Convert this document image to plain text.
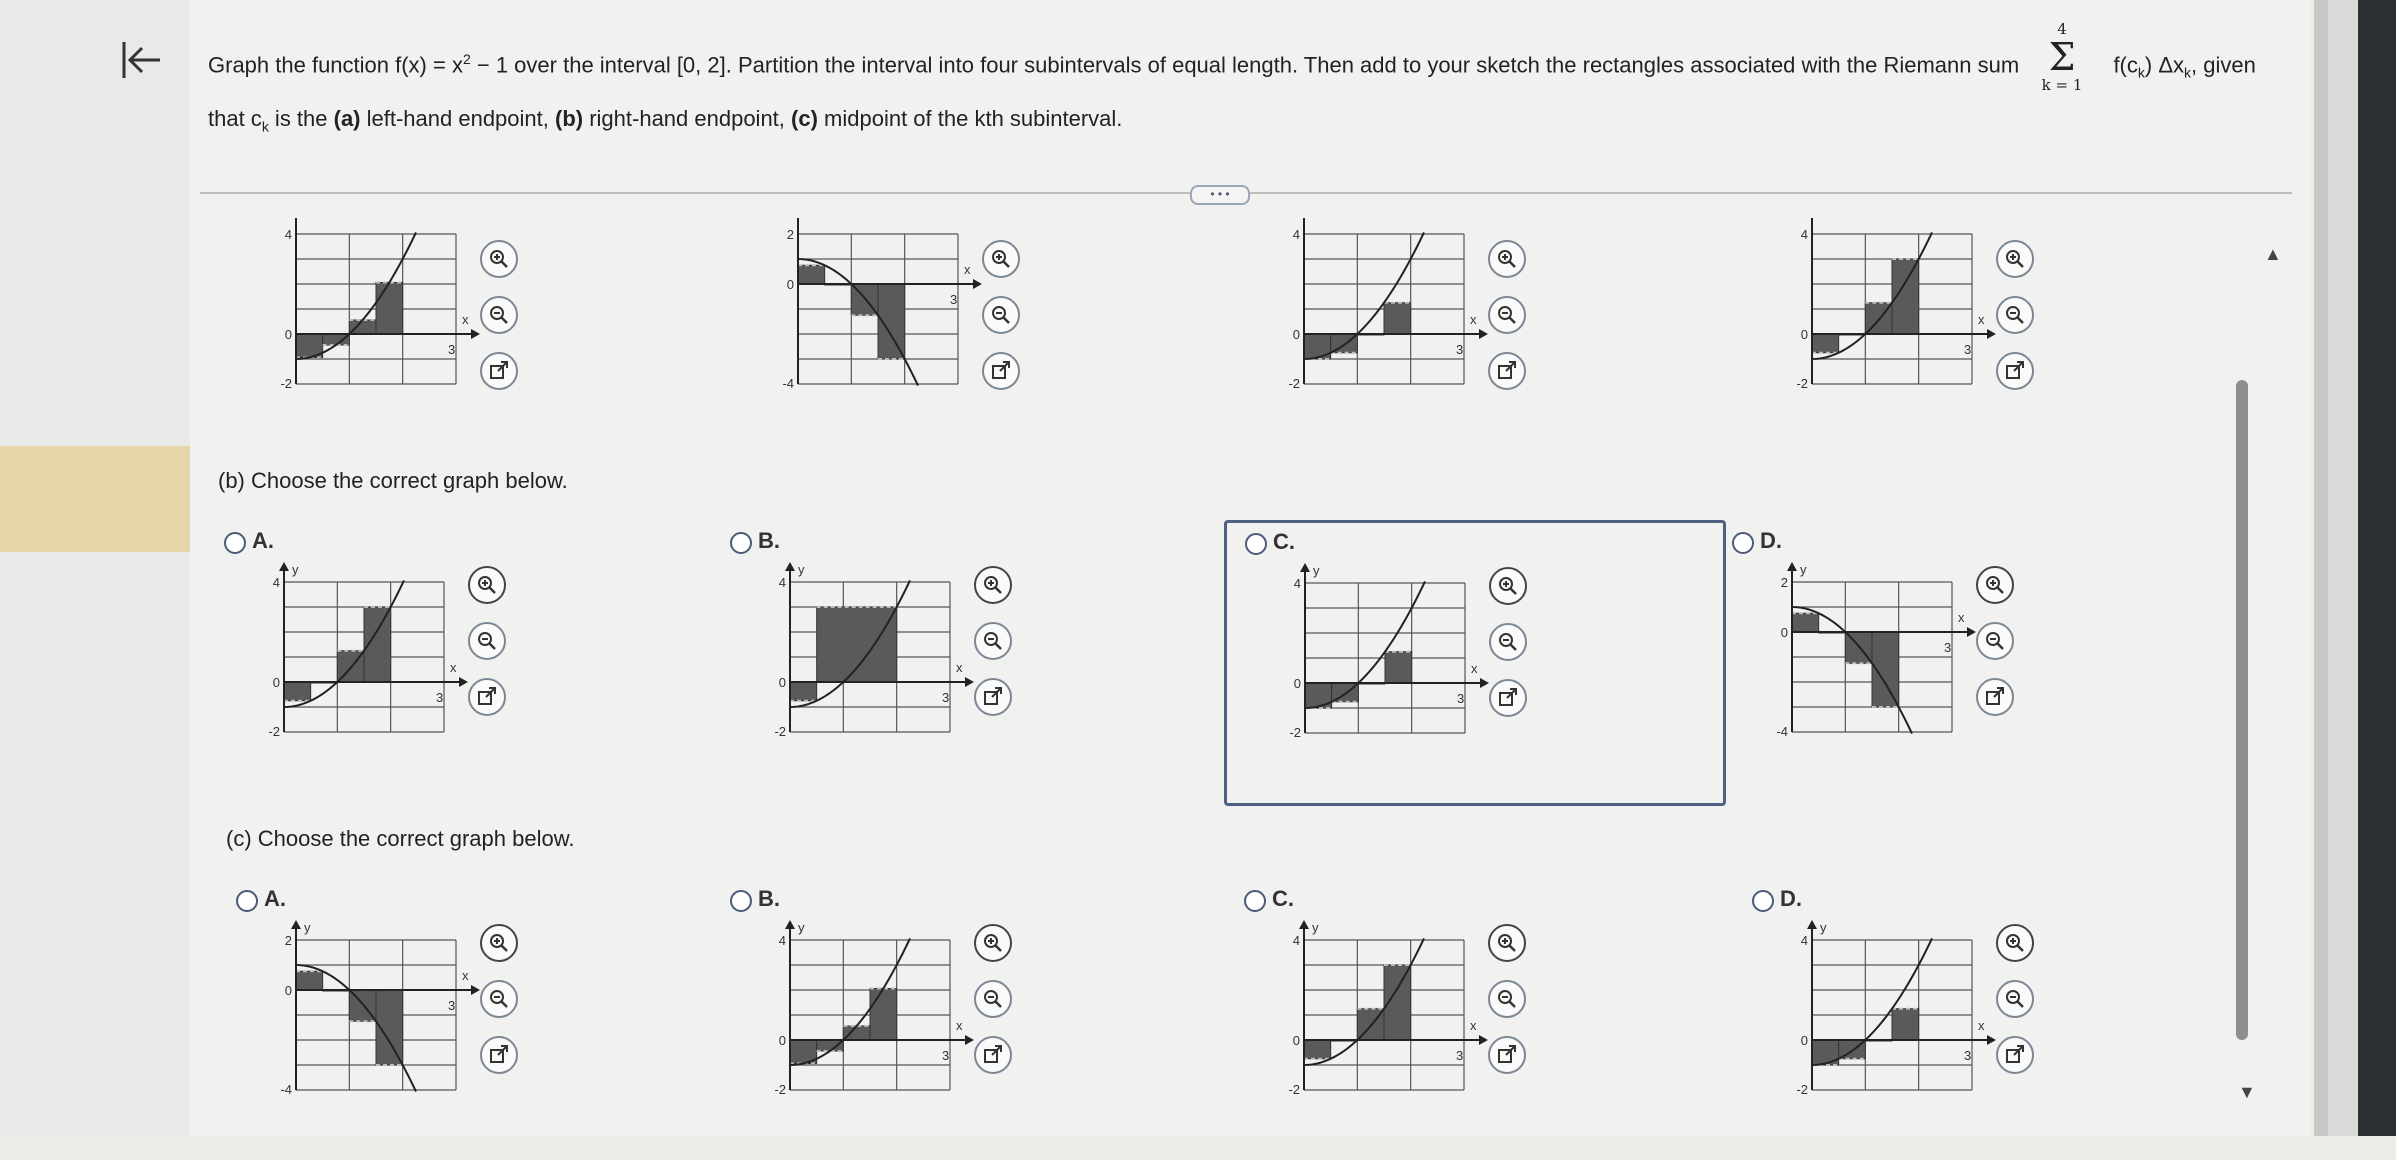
Graph the function $f(x) = x^2 - 1$ over the interval [0, 2]. Partition the interval into four subintervals of equal length. Then add to your sketch the rectangles associated with the Riemann sum	$f(c_k)$ $\Delta x_k$, given
that $c_k$ is the (a) left-hand endpoint, (b) right-hand endpoint, (c) midpoint of the kth subinterval.
4
Σ
k = 1
• • •
(b) Choose the correct graph below.
(c) Choose the correct graph below.
4
0
-2
x
3
2
0
-4
x
3
4
0
-2
x
3
4
0
-2
x
3
A.
y
4
0
-2
x
3
B.
y
4
0
-2
x
3
C.
y
4
0
-2
x
3
D.
y
2
0
-4
x
3
A.
y
2
0
-4
x
3
B.
y
4
0
-2
x
3
C.
y
4
0
-2
x
3
D.
y
4
0
-2
x
3
▲
▼
